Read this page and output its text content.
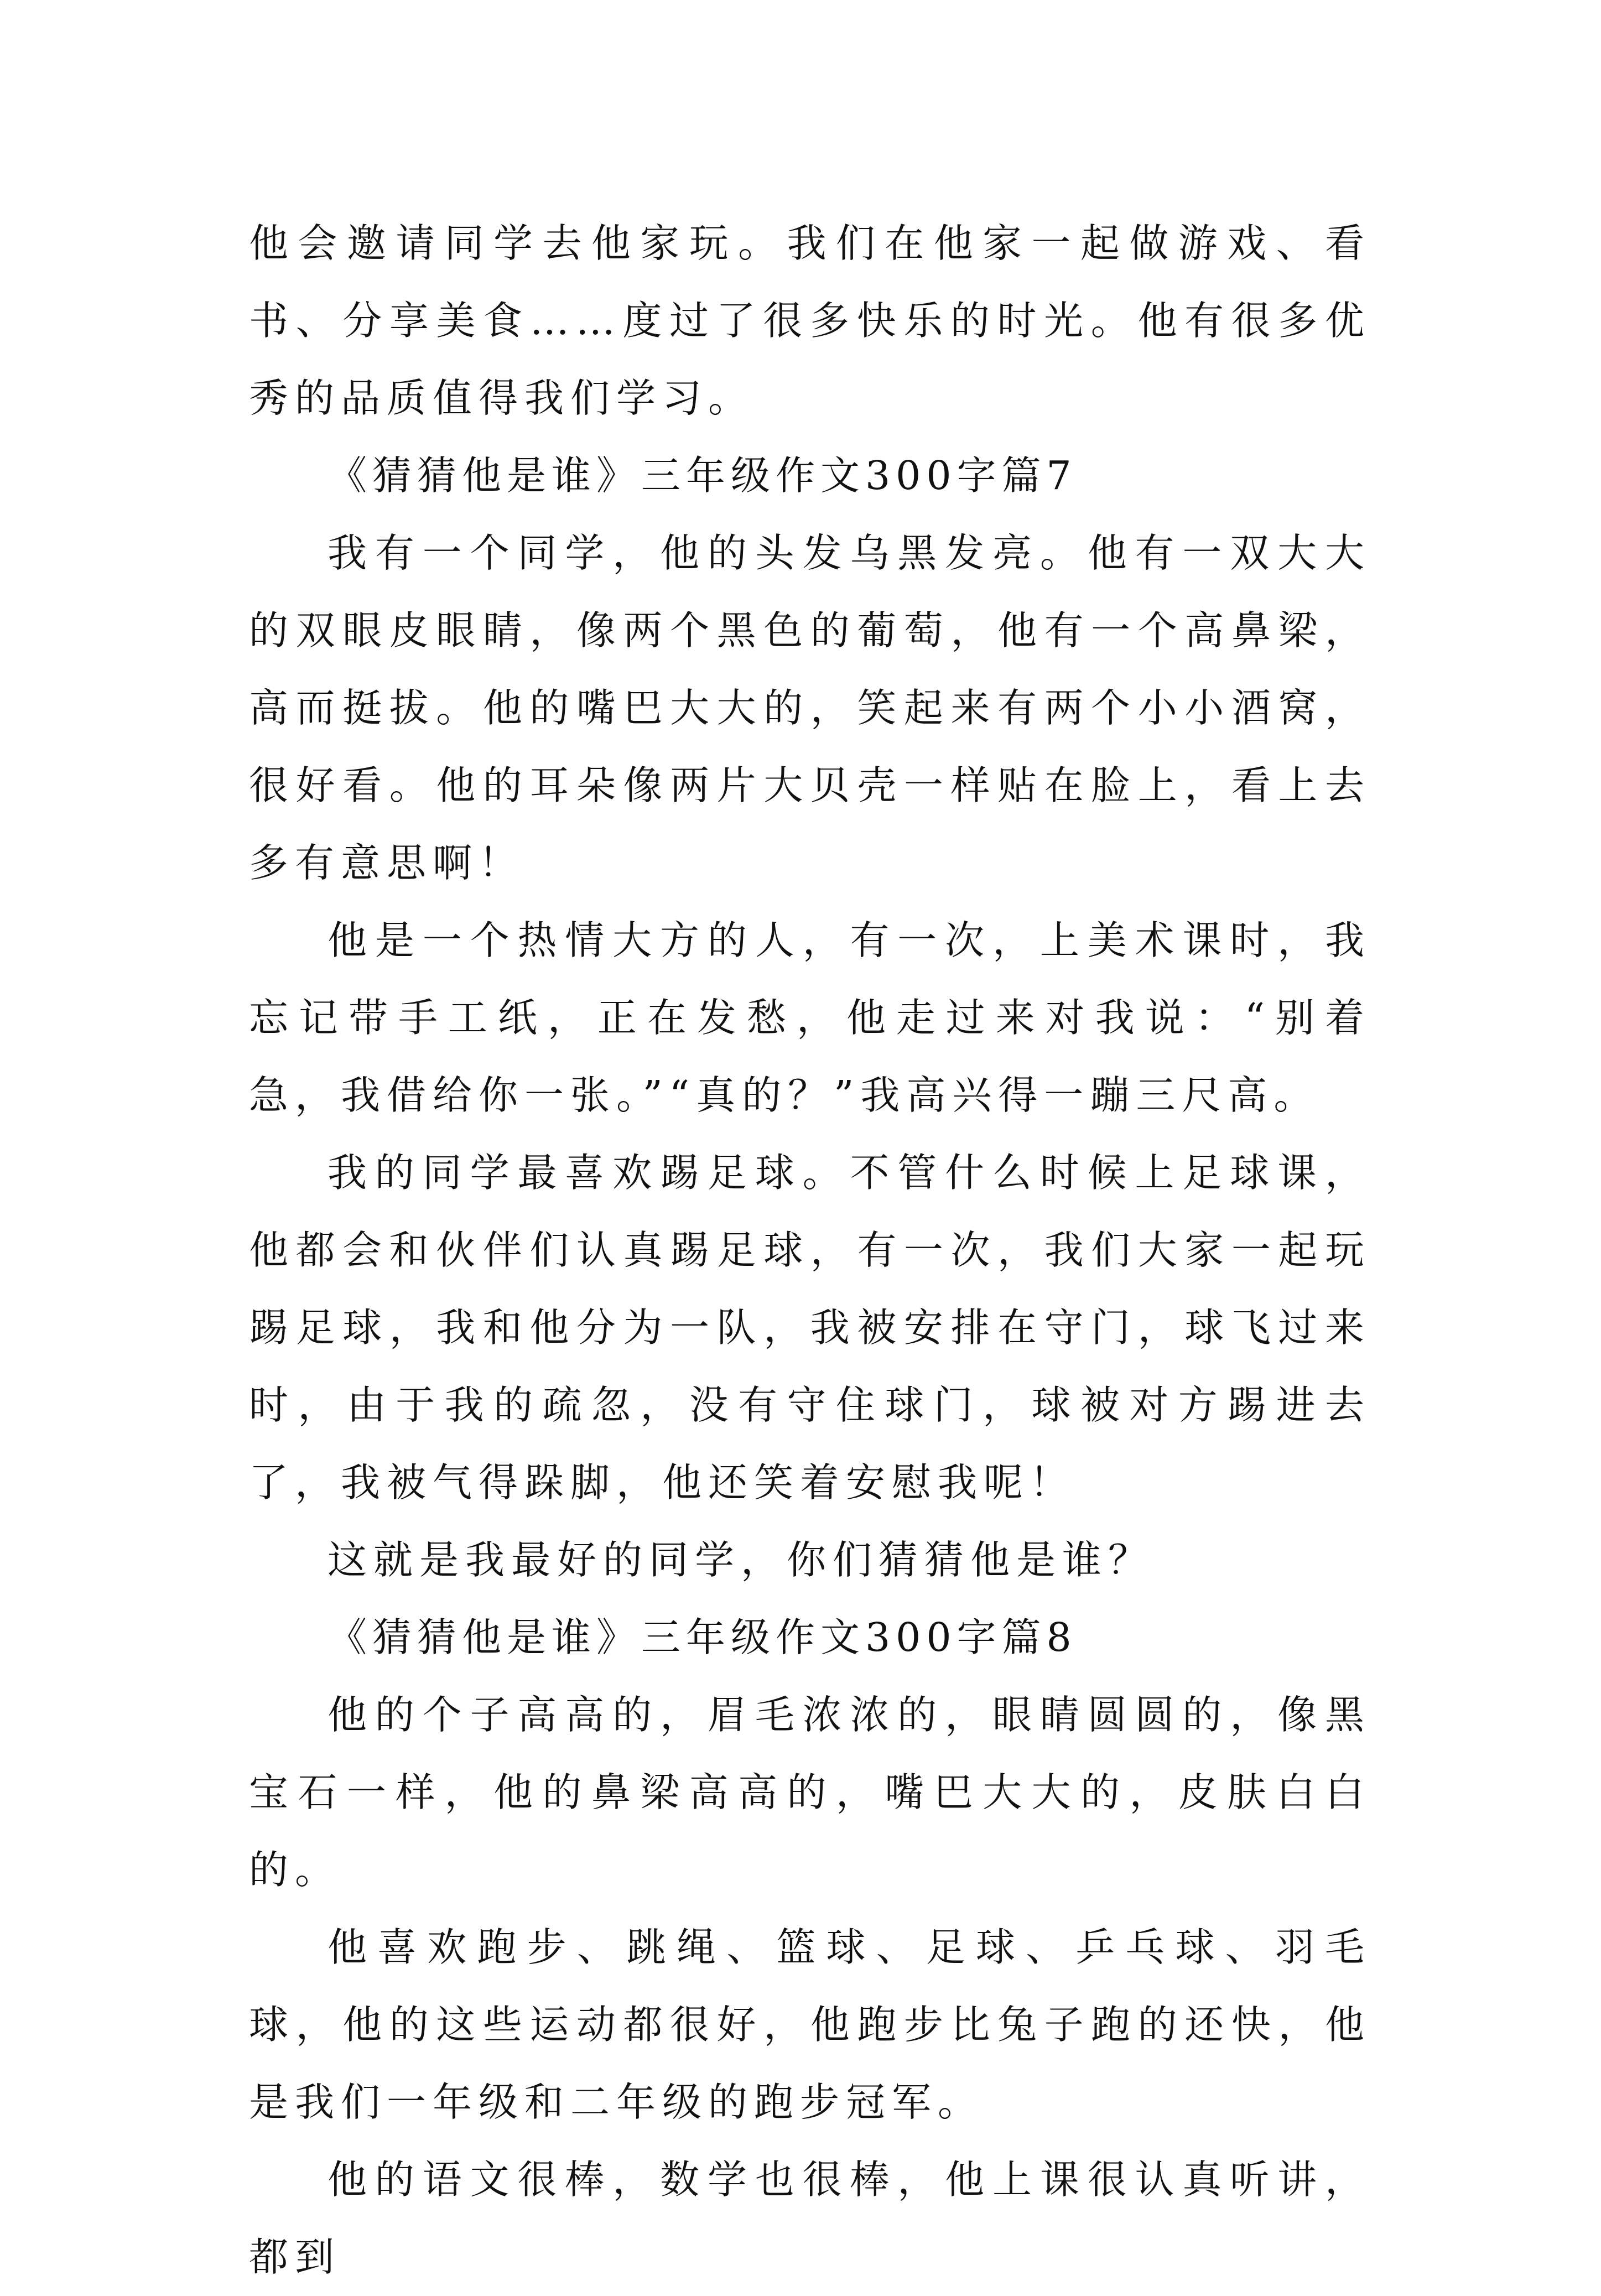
他会邀请同学去他家玩。我们在他家一起做游戏、看书、分享美食……度过了很多快乐的时光。他有很多优秀的品质值得我们学习。

《猜猜他是谁》三年级作文300字篇7

我有一个同学，他的头发乌黑发亮。他有一双大大的双眼皮眼睛，像两个黑色的葡萄，他有一个高鼻梁，高而挺拔。他的嘴巴大大的，笑起来有两个小小酒窝，很好看。他的耳朵像两片大贝壳一样贴在脸上，看上去多有意思啊！

他是一个热情大方的人，有一次，上美术课时，我忘记带手工纸，正在发愁，他走过来对我说：“别着急，我借给你一张。”“真的？”我高兴得一蹦三尺高。

我的同学最喜欢踢足球。不管什么时候上足球课，他都会和伙伴们认真踢足球，有一次，我们大家一起玩踢足球，我和他分为一队，我被安排在守门，球飞过来时，由于我的疏忽，没有守住球门，球被对方踢进去了，我被气得跺脚，他还笑着安慰我呢！

这就是我最好的同学，你们猜猜他是谁？

《猜猜他是谁》三年级作文300字篇8

他的个子高高的，眉毛浓浓的，眼睛圆圆的，像黑宝石一样，他的鼻梁高高的，嘴巴大大的，皮肤白白的。

他喜欢跑步、跳绳、篮球、足球、乒乓球、羽毛球，他的这些运动都很好，他跑步比兔子跑的还快，他是我们一年级和二年级的跑步冠军。

他的语文很棒，数学也很棒，他上课很认真听讲，都到
